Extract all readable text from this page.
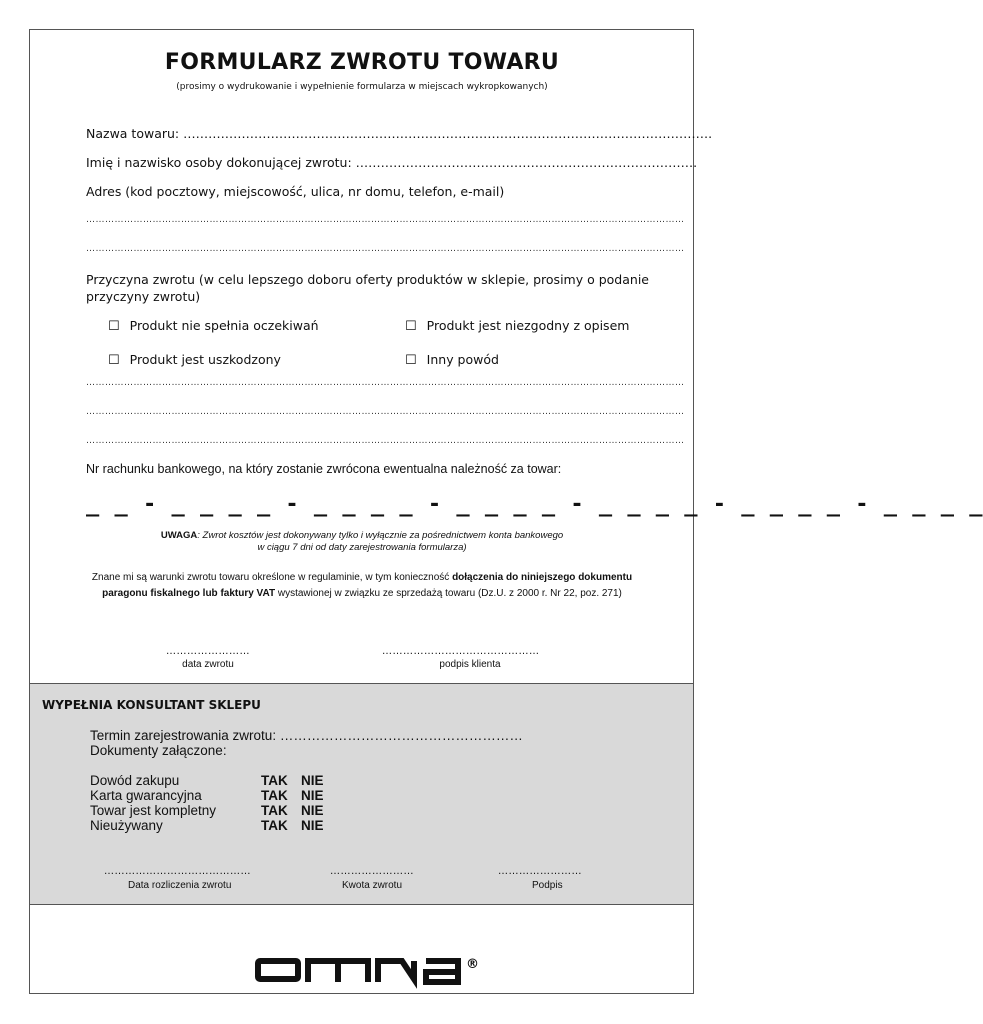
FORMULARZ ZWROTU TOWARU
(prosimy o wydrukowanie i wypełnienie formularza w miejscach wykropkowanych)
Nazwa towaru: ……………………………………………………………………………………………………………….
Imię i nazwisko osoby dokonującej zwrotu: ……………………………………………………………………….
Adres (kod pocztowy, miejscowość, ulica, nr domu, telefon, e-mail)
………………………………………………………………………………………………………………………………………………………………………
………………………………………………………………………………………………………………………………………………………………………
Przyczyna zwrotu (w celu lepszego doboru oferty produktów w sklepie, prosimy o podanie
przyczyny zwrotu)
☐ Produkt nie spełnia oczekiwań	☐ Produkt jest niezgodny z opisem
☐ Produkt jest uszkodzony	☐ Inny powód
………………………………………………………………………………………………………………………………………………………………………
………………………………………………………………………………………………………………………………………………………………………
………………………………………………………………………………………………………………………………………………………………………
Nr rachunku bankowego, na który zostanie zwrócona ewentualna należność za towar:
_ _ - _ _ _ _ - _ _ _ _ - _ _ _ _ - _ _ _ _ - _ _ _ _ - _ _ _ _
UWAGA: Zwrot kosztów jest dokonywany tylko i wyłącznie za pośrednictwem konta bankowego
w ciągu 7 dni od daty zarejestrowania formularza)
Znane mi są warunki zwrotu towaru określone w regulaminie, w tym konieczność dołączenia do niniejszego dokumentu paragonu fiskalnego lub faktury VAT wystawionej w związku ze sprzedażą towaru (Dz.U. z 2000 r. Nr 22, poz. 271)
……………………
data zwrotu
………………………………………
podpis klienta
WYPEŁNIA KONSULTANT SKLEPU
Termin zarejestrowania zwrotu: ………………………………………………
Dokumenty załączone:
Dowód zakupu	TAK NIE
Karta gwarancyjna	TAK NIE
Towar jest kompletny	TAK NIE
Nieużywany	TAK NIE
……………………………………
Data rozliczenia zwrotu
……………………
Kwota zwrotu
……………………
Podpis
®
